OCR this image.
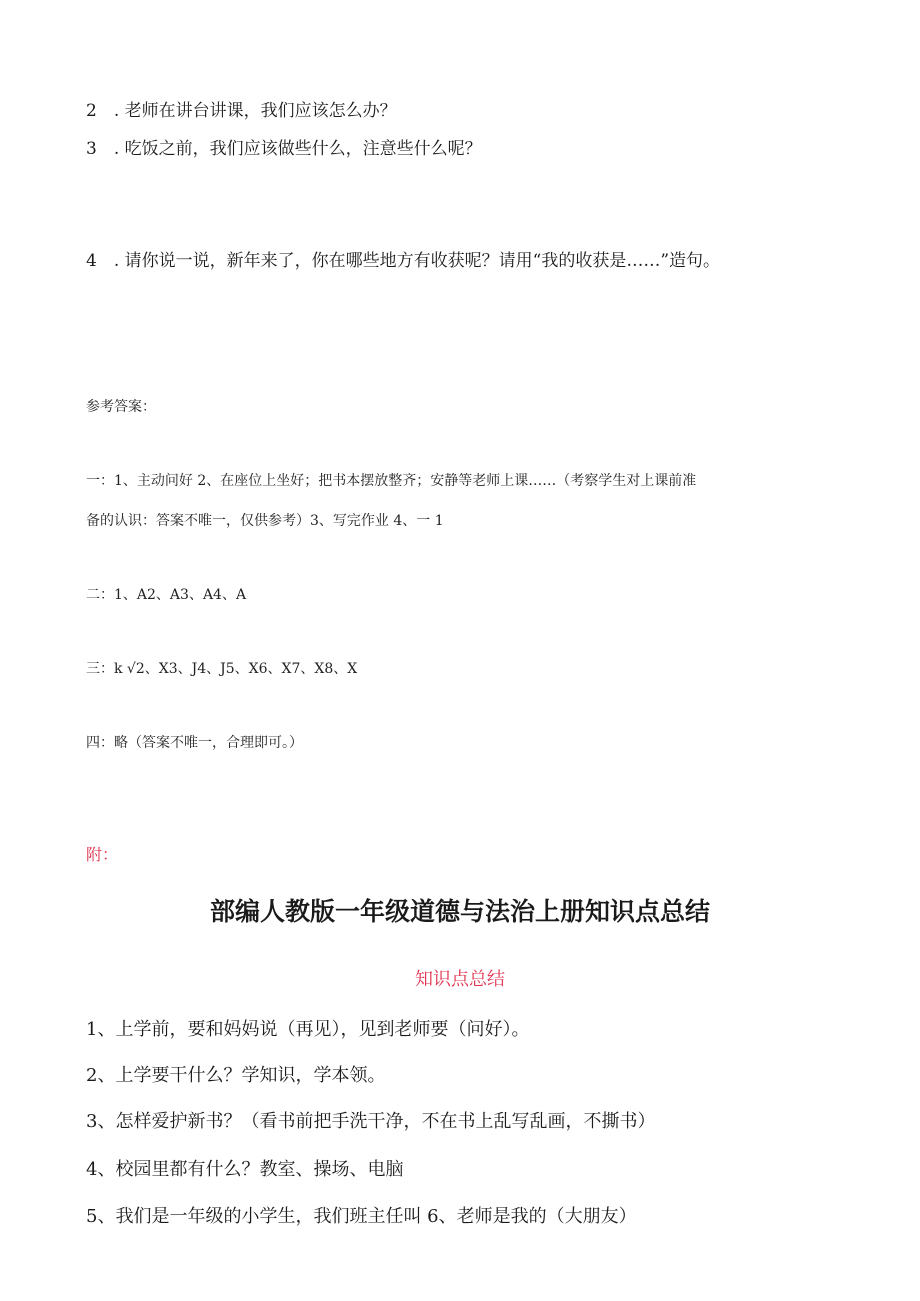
2　. 老师在讲台讲课，我们应该怎么办？
3　. 吃饭之前，我们应该做些什么，注意些什么呢？
4　. 请你说一说，新年来了，你在哪些地方有收获呢？请用“我的收获是……”造句。
参考答案：
一：1、主动问好 2、在座位上坐好；把书本摆放整齐；安静等老师上课……（考察学生对上课前准
备的认识：答案不唯一，仅供参考）3、写完作业 4、一 1
二：1、A2、A3、A4、A
三：k √2、X3、J4、J5、X6、X7、X8、X
四：略（答案不唯一，合理即可。）
附：
部编人教版一年级道德与法治上册知识点总结
知识点总结
1、上学前，要和妈妈说（再见），见到老师要（问好）。
2、上学要干什么？学知识，学本领。
3、怎样爱护新书？（看书前把手洗干净，不在书上乱写乱画，不撕书）
4、校园里都有什么？教室、操场、电脑
5、我们是一年级的小学生，我们班主任叫 6、老师是我的（大朋友）
